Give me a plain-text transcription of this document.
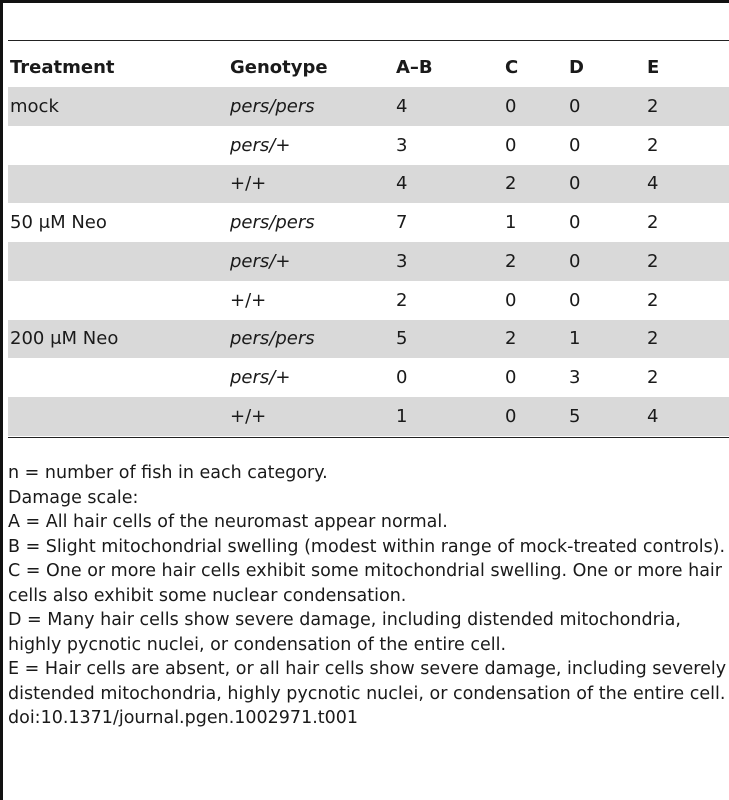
Treatment	Genotype	A–B	C	D	E
mock	pers/pers	4	0	0	2
	pers/+	3	0	0	2
	+/+	4	2	0	4
50 μM Neo	pers/pers	7	1	0	2
	pers/+	3	2	0	2
	+/+	2	0	0	2
200 μM Neo	pers/pers	5	2	1	2
	pers/+	0	0	3	2
	+/+	1	0	5	4

n = number of fish in each category.

Damage scale:

A = All hair cells of the neuromast appear normal.

B = Slight mitochondrial swelling (modest within range of mock-treated controls).

C = One or more hair cells exhibit some mitochondrial swelling. One or more hair cells also exhibit some nuclear condensation.

D = Many hair cells show severe damage, including distended mitochondria, highly pycnotic nuclei, or condensation of the entire cell.

E = Hair cells are absent, or all hair cells show severe damage, including severely distended mitochondria, highly pycnotic nuclei, or condensation of the entire cell.

doi:10.1371/journal.pgen.1002971.t001
